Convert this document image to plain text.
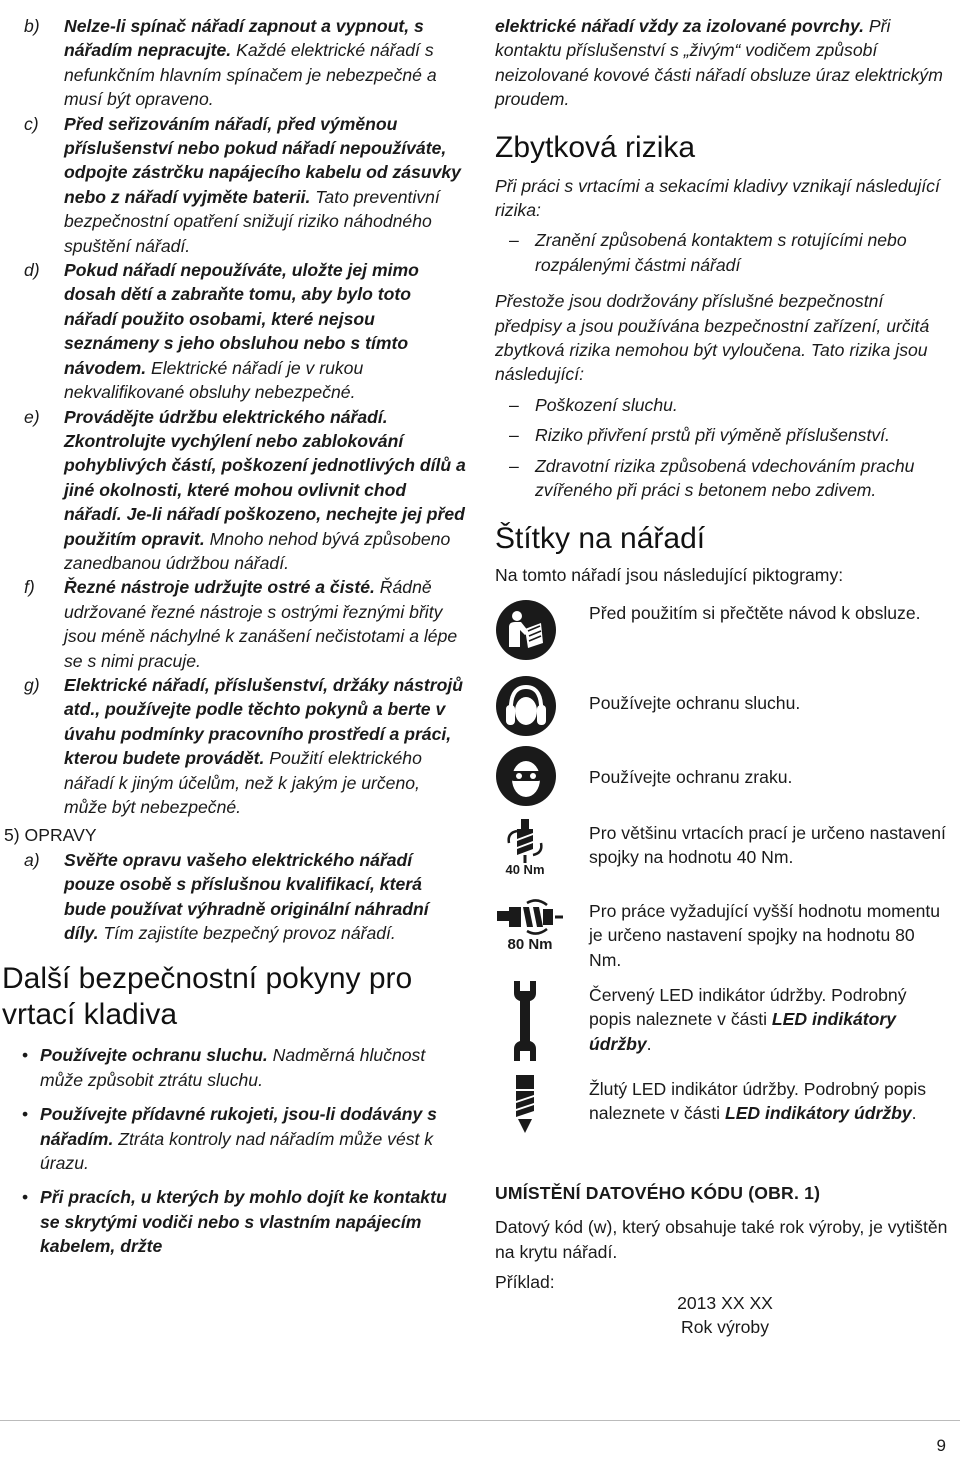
b)	Nelze-li spínač nářadí zapnout a vypnout, s nářadím nepracujte. Každé elektrické nářadí s nefunkčním hlavním spínačem je nebezpečné a musí být opraveno.
c)	Před seřizováním nářadí, před výměnou příslušenství nebo pokud nářadí nepoužíváte, odpojte zástrčku napájecího kabelu od zásuvky nebo z nářadí vyjměte baterii. Tato preventivní bezpečnostní opatření snižují riziko náhodného spuštění nářadí.
d)	Pokud nářadí nepoužíváte, uložte jej mimo dosah dětí a zabraňte tomu, aby bylo toto nářadí použito osobami, které nejsou seznámeny s jeho obsluhou nebo s tímto návodem. Elektrické nářadí je v rukou nekvalifikované obsluhy nebezpečné.
e)	Provádějte údržbu elektrického nářadí. Zkontrolujte vychýlení nebo zablokování pohyblivých částí, poškození jednotlivých dílů a jiné okolnosti, které mohou ovlivnit chod nářadí. Je-li nářadí poškozeno, nechejte jej před použitím opravit. Mnoho nehod bývá způsobeno zanedbanou údržbou nářadí.
f)	Řezné nástroje udržujte ostré a čisté. Řádně udržované řezné nástroje s ostrými řeznými břity jsou méně náchylné k zanášení nečistotami a lépe se s nimi pracuje.
g)	Elektrické nářadí, příslušenství, držáky nástrojů atd., používejte podle těchto pokynů a berte v úvahu podmínky pracovního prostředí a práci, kterou budete provádět. Použití elektrického nářadí k jiným účelům, než k jakým je určeno, může být nebezpečné.
5) OPRAVY
a)	Svěřte opravu vašeho elektrického nářadí pouze osobě s příslušnou kvalifikací, která bude používat výhradně originální náhradní díly. Tím zajistíte bezpečný provoz nářadí.
Další bezpečnostní pokyny pro vrtací kladiva
• Používejte ochranu sluchu. Nadměrná hlučnost může způsobit ztrátu sluchu.
• Používejte přídavné rukojeti, jsou-li dodávány s nářadím. Ztráta kontroly nad nářadím může vést k úrazu.
• Při pracích, u kterých by mohlo dojít ke kontaktu se skrytými vodiči nebo s vlastním napájecím kabelem, držte
elektrické nářadí vždy za izolované povrchy. Při kontaktu příslušenství s „živým“ vodičem způsobí neizolované kovové části nářadí obsluze úraz elektrickým proudem.
Zbytková rizika
Při práci s vrtacími a sekacími kladivy vznikají následující rizika:
– Zranění způsobená kontaktem s rotujícími nebo rozpálenými částmi nářadí
Přestože jsou dodržovány příslušné bezpečnostní předpisy a jsou používána bezpečnostní zařízení, určitá zbytková rizika nemohou být vyloučena. Tato rizika jsou následující:
– Poškození sluchu.
– Riziko přivření prstů při výměně příslušenství.
– Zdravotní rizika způsobená vdechováním prachu zvířeného při práci s betonem nebo zdivem.
Štítky na nářadí
Na tomto nářadí jsou následující piktogramy:
Před použitím si přečtěte návod k obsluze.
Používejte ochranu sluchu.
Používejte ochranu zraku.
40 Nm
Pro většinu vrtacích prací je určeno nastavení spojky na hodnotu 40 Nm.
80 Nm
Pro práce vyžadující vyšší hodnotu momentu je určeno nastavení spojky na hodnotu 80 Nm.
Červený LED indikátor údržby. Podrobný popis naleznete v části LED indikátory údržby.
Žlutý LED indikátor údržby. Podrobný popis naleznete v části LED indikátory údržby.
UMÍSTĚNÍ DATOVÉHO KÓDU (OBR. 1)
Datový kód (w), který obsahuje také rok výroby, je vytištěn na krytu nářadí.
Příklad:
2013 XX XX
Rok výroby
9
